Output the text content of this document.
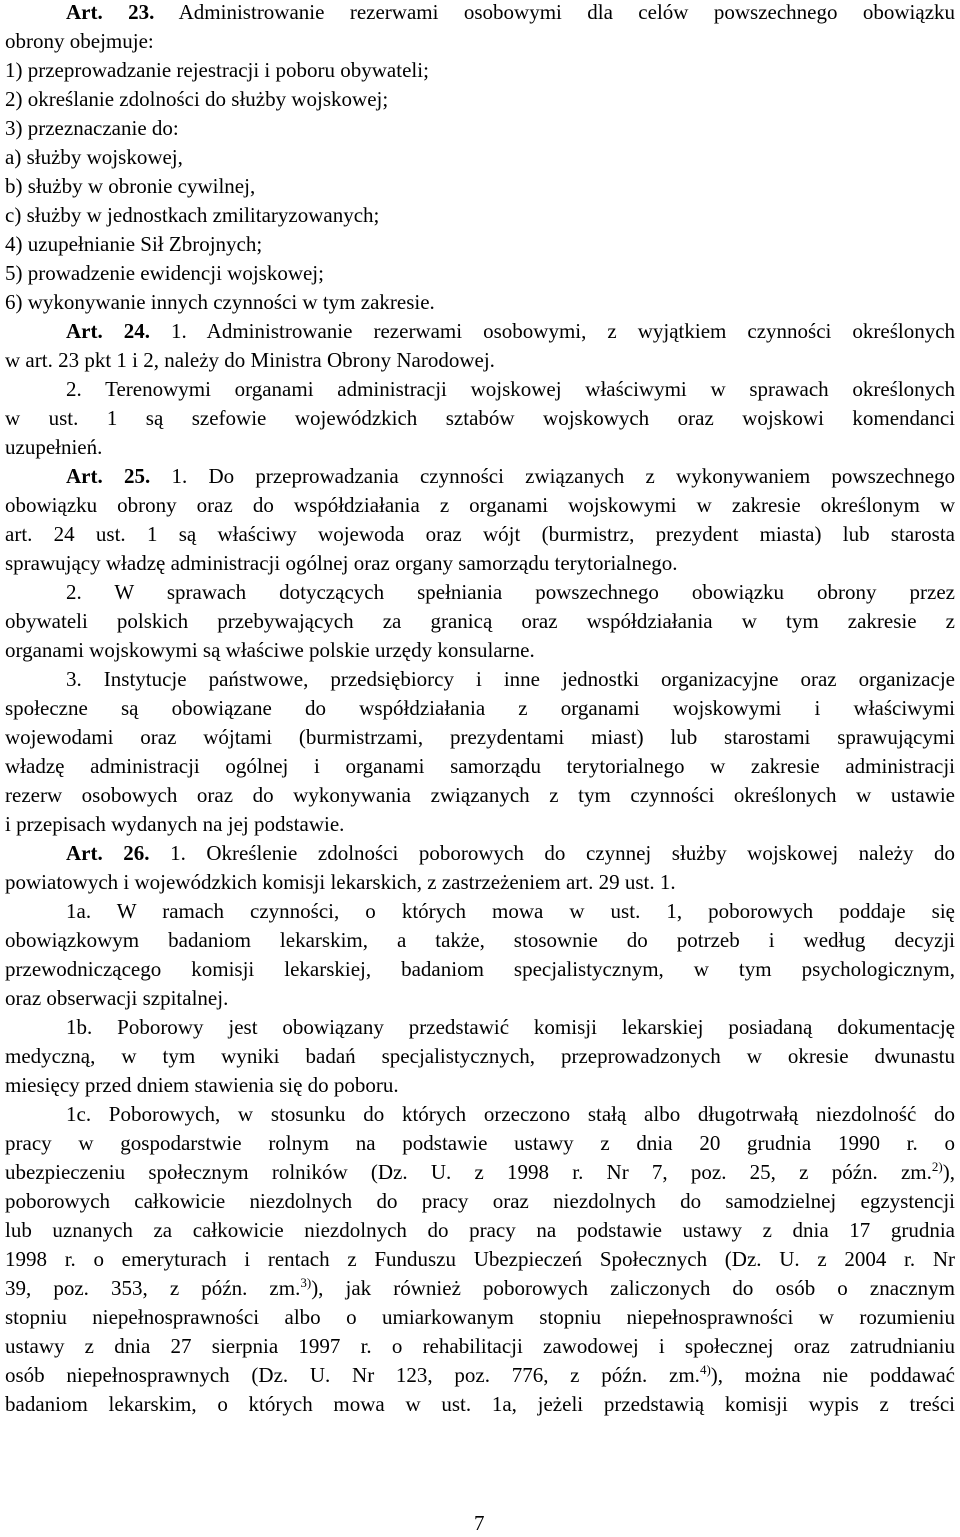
Art. 23. Administrowanie rezerwami osobowymi dla celów powszechnego obowiązku
obrony obejmuje:
1) przeprowadzanie rejestracji i poboru obywateli;
2) określanie zdolności do służby wojskowej;
3) przeznaczanie do:
a) służby wojskowej,
b) służby w obronie cywilnej,
c) służby w jednostkach zmilitaryzowanych;
4) uzupełnianie Sił Zbrojnych;
5) prowadzenie ewidencji wojskowej;
6) wykonywanie innych czynności w tym zakresie.
Art. 24. 1. Administrowanie rezerwami osobowymi, z wyjątkiem czynności określonych
w art. 23 pkt 1 i 2, należy do Ministra Obrony Narodowej.
2. Terenowymi organami administracji wojskowej właściwymi w sprawach określonych
w ust. 1 są szefowie wojewódzkich sztabów wojskowych oraz wojskowi komendanci
uzupełnień.
Art. 25. 1. Do przeprowadzania czynności związanych z wykonywaniem powszechnego
obowiązku obrony oraz do współdziałania z organami wojskowymi w zakresie określonym w
art. 24 ust. 1 są właściwy wojewoda oraz wójt (burmistrz, prezydent miasta) lub starosta
sprawujący władzę administracji ogólnej oraz organy samorządu terytorialnego.
2. W sprawach dotyczących spełniania powszechnego obowiązku obrony przez
obywateli polskich przebywających za granicą oraz współdziałania w tym zakresie z
organami wojskowymi są właściwe polskie urzędy konsularne.
3. Instytucje państwowe, przedsiębiorcy i inne jednostki organizacyjne oraz organizacje
społeczne są obowiązane do współdziałania z organami wojskowymi i właściwymi
wojewodami oraz wójtami (burmistrzami, prezydentami miast) lub starostami sprawującymi
władzę administracji ogólnej i organami samorządu terytorialnego w zakresie administracji
rezerw osobowych oraz do wykonywania związanych z tym czynności określonych w ustawie
i przepisach wydanych na jej podstawie.
Art. 26. 1. Określenie zdolności poborowych do czynnej służby wojskowej należy do
powiatowych i wojewódzkich komisji lekarskich, z zastrzeżeniem art. 29 ust. 1.
1a. W ramach czynności, o których mowa w ust. 1, poborowych poddaje się
obowiązkowym badaniom lekarskim, a także, stosownie do potrzeb i według decyzji
przewodniczącego komisji lekarskiej, badaniom specjalistycznym, w tym psychologicznym,
oraz obserwacji szpitalnej.
1b. Poborowy jest obowiązany przedstawić komisji lekarskiej posiadaną dokumentację
medyczną, w tym wyniki badań specjalistycznych, przeprowadzonych w okresie dwunastu
miesięcy przed dniem stawienia się do poboru.
1c. Poborowych, w stosunku do których orzeczono stałą albo długotrwałą niezdolność do
pracy w gospodarstwie rolnym na podstawie ustawy z dnia 20 grudnia 1990 r. o
ubezpieczeniu społecznym rolników (Dz. U. z 1998 r. Nr 7, poz. 25, z późn. zm.$^{2)}$),
poborowych całkowicie niezdolnych do pracy oraz niezdolnych do samodzielnej egzystencji
lub uznanych za całkowicie niezdolnych do pracy na podstawie ustawy z dnia 17 grudnia
1998 r. o emeryturach i rentach z Funduszu Ubezpieczeń Społecznych (Dz. U. z 2004 r. Nr
39, poz. 353, z późn. zm.$^{3)}$), jak również poborowych zaliczonych do osób o znacznym
stopniu niepełnosprawności albo o umiarkowanym stopniu niepełnosprawności w rozumieniu
ustawy z dnia 27 sierpnia 1997 r. o rehabilitacji zawodowej i społecznej oraz zatrudnianiu
osób niepełnosprawnych (Dz. U. Nr 123, poz. 776, z późn. zm.$^{4)}$), można nie poddawać
badaniom lekarskim, o których mowa w ust. 1a, jeżeli przedstawią komisji wypis z treści
7
